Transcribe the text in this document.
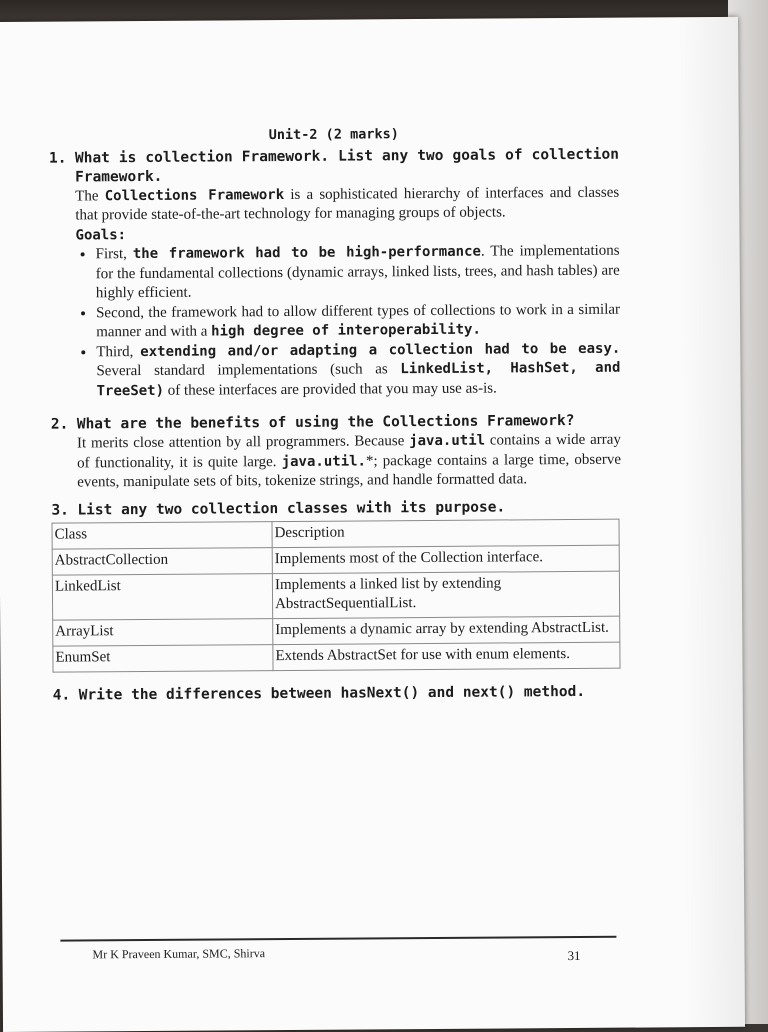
Unit-2 (2 marks)
1. What is collection Framework. List any two goals of collection Framework.
The Collections Framework is a sophisticated hierarchy of interfaces and classes that provide state-of-the-art technology for managing groups of objects.
Goals:
• First, the framework had to be high-performance. The implementations for the fundamental collections (dynamic arrays, linked lists, trees, and hash tables) are highly efficient.
• Second, the framework had to allow different types of collections to work in a similar manner and with a high degree of interoperability.
• Third, extending and/or adapting a collection had to be easy. Several standard implementations (such as LinkedList, HashSet, and TreeSet) of these interfaces are provided that you may use as-is.
2. What are the benefits of using the Collections Framework?
It merits close attention by all programmers. Because java.util contains a wide array of functionality, it is quite large. java.util.*; package contains a large time, observe events, manipulate sets of bits, tokenize strings, and handle formatted data.
3. List any two collection classes with its purpose.
Class	Description
AbstractCollection	Implements most of the Collection interface.
LinkedList	Implements a linked list by extending AbstractSequentialList.
ArrayList	Implements a dynamic array by extending AbstractList.
EnumSet	Extends AbstractSet for use with enum elements.
4. Write the differences between hasNext() and next() method.
Mr K Praveen Kumar, SMC, Shirva	31
